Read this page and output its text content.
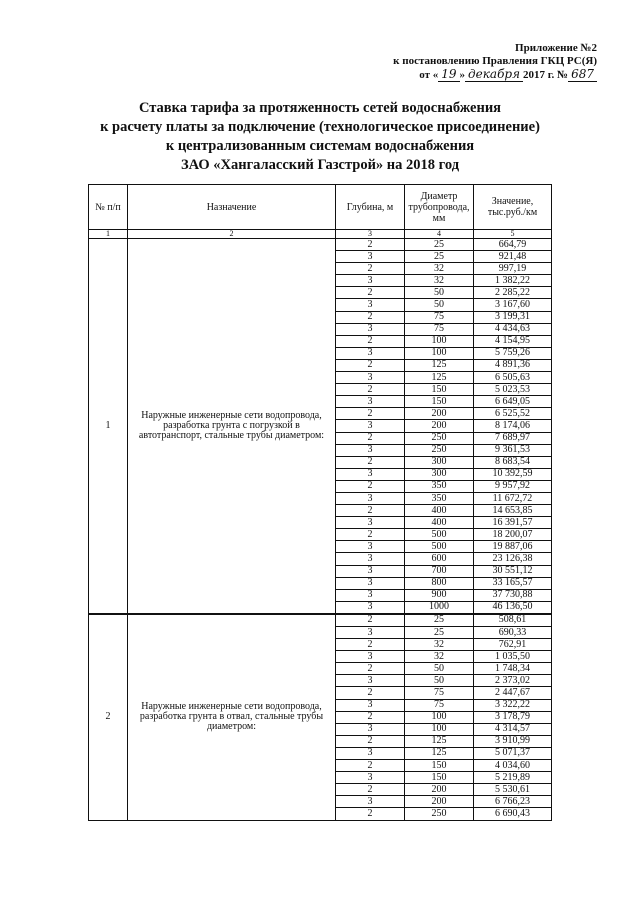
Приложение №2
к постановлению Правления ГКЦ РС(Я)
от « 19 » декабря 2017 г. № 687
Ставка тарифа за протяженность сетей водоснабжения
к расчету платы за подключение (технологическое присоединение)
к централизованным системам водоснабжения
ЗАО «Хангаласский Газстрой» на 2018 год
№ п/п	Назначение	Глубина, м	Диаметр трубопровода, мм	Значение, тыс.руб./км
1	2	3	4	5
1	Наружные инженерные сети водопровода, разработка грунта с погрузкой в автотранспорт, стальные трубы диаметром:	2	25	664,79
		3	25	921,48
		2	32	997,19
		3	32	1 382,22
		2	50	2 285,22
		3	50	3 167,60
		2	75	3 199,31
		3	75	4 434,63
		2	100	4 154,95
		3	100	5 759,26
		2	125	4 891,36
		3	125	6 505,63
		2	150	5 023,53
		3	150	6 649,05
		2	200	6 525,52
		3	200	8 174,06
		2	250	7 689,97
		3	250	9 361,53
		2	300	8 683,54
		3	300	10 392,59
		2	350	9 957,92
		3	350	11 672,72
		2	400	14 653,85
		3	400	16 391,57
		2	500	18 200,07
		3	500	19 887,06
		3	600	23 126,38
		3	700	30 551,12
		3	800	33 165,57
		3	900	37 730,88
		3	1000	46 136,50
2	Наружные инженерные сети водопровода, разработка грунта в отвал, стальные трубы диаметром:	2	25	508,61
		3	25	690,33
		2	32	762,91
		3	32	1 035,50
		2	50	1 748,34
		3	50	2 373,02
		2	75	2 447,67
		3	75	3 322,22
		2	100	3 178,79
		3	100	4 314,57
		2	125	3 910,99
		3	125	5 071,37
		2	150	4 034,60
		3	150	5 219,89
		2	200	5 530,61
		3	200	6 766,23
		2	250	6 690,43
